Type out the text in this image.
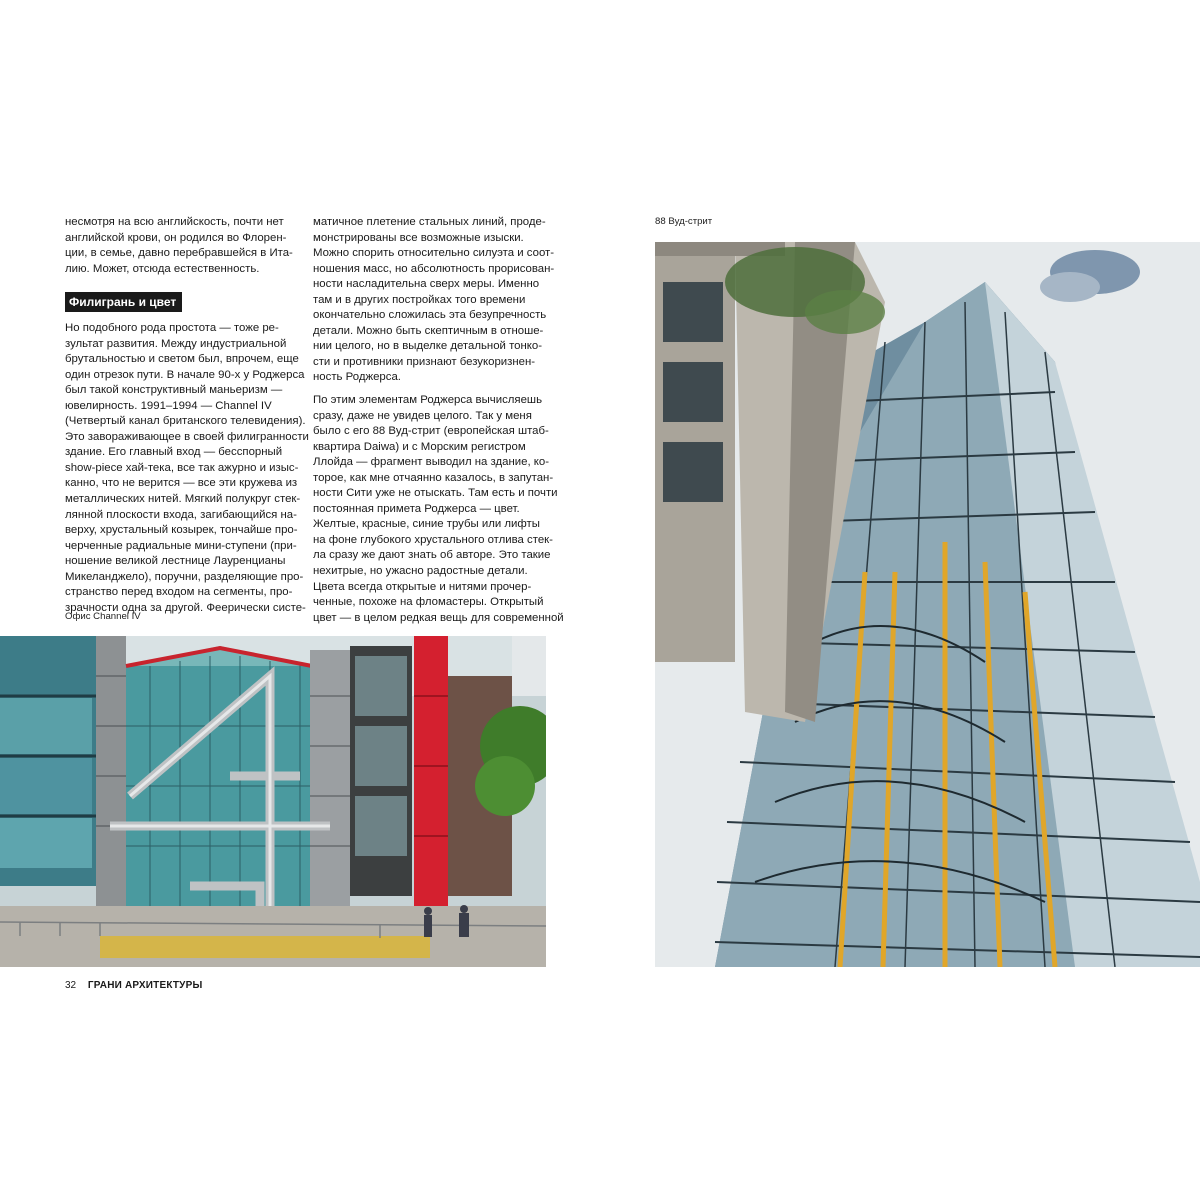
несмотря на всю английскость, почти нет
английской крови, он родился во Флорен-
ции, в семье, давно перебравшейся в Ита-
лию. Может, отсюда естественность.

Филигрань и цвет

Но подобного рода простота — тоже ре-
зультат развития. Между индустриальной
брутальностью и светом был, впрочем, еще
один отрезок пути. В начале 90-х у Роджерса
был такой конструктивный маньеризм —
ювелирность. 1991–1994 — Channel IV
(Четвертый канал британского телевидения).
Это завораживающее в своей филигранности
здание. Его главный вход — бесспорный
show-piece хай-тека, все так ажурно и изыс-
канно, что не верится — все эти кружева из
металлических нитей. Мягкий полукруг стек-
лянной плоскости входа, загибающийся на-
верху, хрустальный козырек, тончайше про-
черченные радиальные мини-ступени (при-
ношение великой лестнице Лауренцианы
Микеланджело), поручни, разделяющие про-
странство перед входом на сегменты, про-
зрачности одна за другой. Феерически систе-

матичное плетение стальных линий, проде-
монстрированы все возможные изыски.
Можно спорить относительно силуэта и соот-
ношения масс, но абсолютность прорисован-
ности насладительна сверх меры. Именно
там и в других постройках того времени
окончательно сложилась эта безупречность
детали. Можно быть скептичным в отноше-
нии целого, но в выделке детальной тонко-
сти и противники признают безукоризнен-
ность Роджерса.

По этим элементам Роджерса вычисляешь
сразу, даже не увидев целого. Так у меня
было с его 88 Вуд-стрит (европейская штаб-
квартира Daiwa) и с Морским регистром
Ллойда — фрагмент выводил на здание, ко-
торое, как мне отчаянно казалось, в запутан-
ности Сити уже не отыскать. Там есть и почти
постоянная примета Роджерса — цвет.
Желтые, красные, синие трубы или лифты
на фоне глубокого хрустального отлива стек-
ла сразу же дают знать об авторе. Это такие
нехитрые, но ужасно радостные детали.
Цвета всегда открытые и нитями прочер-
ченные, похоже на фломастеры. Открытый
цвет — в целом редкая вещь для современной

Офис Channel IV
88 Вуд-стрит
32 ГРАНИ АРХИТЕКТУРЫ
